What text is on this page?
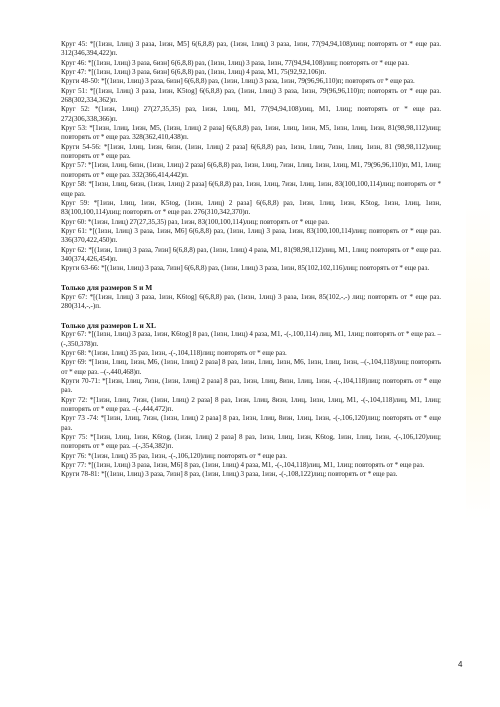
Круг 45: *[(1изн, 1лиц) 3 раза, 1изн, М5] 6(6,8,8) раз, (1изн, 1лиц) 3 раза, 1изн, 77(94,94,108)лиц; повторять от * еще раз. 312(346,394,422)п.

Круг 46: *[(1изн, 1лиц) 3 раза, 6изн] 6(6,8,8) раз, (1изн, 1лиц) 3 раза, 1изн, 77(94,94,108)лиц; повторять от * еще раз.

Круг 47: *[(1изн, 1лиц) 3 раза, 6изн] 6(6,8,8) раз, (1изн, 1лиц) 4 раза, М1, 75(92,92,106)п.

Круги 48-50: *[(1изн, 1лиц) 3 раза, 6изн] 6(6,8,8) раз, (1изн, 1лиц) 3 раза, 1изн, 79(96,96,110)п; повторять от * еще раз.

Круг 51: *[(1изн, 1лиц) 3 раза, 1изн, K5tog] 6(6,8,8) раз, (1изн, 1лиц) 3 раза, 1изн, 79(96,96,110)п; повторять от * еще раз. 268(302,334,362)п.

Круг 52: *(1изн, 1лиц) 27(27,35,35) раз, 1изн, 1лиц, М1, 77(94,94,108)лиц, М1, 1лиц; повторять от * еще раз. 272(306,338,366)п.

Круг 53: *[1изн, 1лиц, 1изн, М5, (1изн, 1лиц) 2 раза] 6(6,8,8) раз, 1изн, 1лиц, 1изн, М5, 1изн, 1лиц, 1изн, 81(98,98,112)лиц; повторять от * еще раз. 328(362,410,438)п.

Круги 54-56: *[1изн, 1лиц, 1изн, 6изн, (1изн, 1лиц) 2 раза] 6(6,8,8) раз, 1изн, 1лиц, 7изн, 1лиц, 1изн, 81 (98,98,112)лиц; повторять от * еще раз.

Круг 57: *[1изн, 1лиц, 6изн, (1изн, 1лиц) 2 раза] 6(6,8,8) раз, 1изн, 1лиц, 7изн, 1лиц, 1изн, 1лиц, М1, 79(96,96,110)п, М1, 1лиц; повторять от * еще раз. 332(366,414,442)п.

Круг 58: *[1изн, 1лиц, 6изн, (1изн, 1лиц) 2 раза] 6(6,8,8) раз, 1изн, 1лиц, 7изн, 1лиц, 1изн, 83(100,100,114)лиц; повторять от * еще раз.

Круг 59: *[1изн, 1лиц, 1изн, K5tog, (1изн, 1лиц) 2 раза] 6(6,8,8) раз, 1изн, 1лиц, 1изн, K5tog, 1изн, 1лиц, 1изн, 83(100,100,114)лиц; повторять от * еще раз. 276(310,342,370)п.

Круг 60: *(1изн, 1лиц) 27(27,35,35) раз, 1изн, 83(100,100,114)лиц; повторять от * еще раз.

Круг 61: *[(1изн, 1лиц) 3 раза, 1изн, М6] 6(6,8,8) раз, (1изн, 1лиц) 3 раза, 1изн, 83(100,100,114)лиц; повторять от * еще раз. 336(370,422,450)п.

Круг 62: *[(1изн, 1лиц) 3 раза, 7изн] 6(6,8,8) раз, (1изн, 1лиц) 4 раза, М1, 81(98,98,112)лиц, М1, 1лиц; повторять от * еще раз. 340(374,426,454)п.

Круги 63-66: *[(1изн, 1лиц) 3 раза, 7изн] 6(6,8,8) раз, (1изн, 1лиц) 3 раза, 1изн, 85(102,102,116)лиц; повторять от * еще раз.

Только для размеров S и M

Круг 67: *[(1изн, 1лиц) 3 раза, 1изн, K6tog] 6(6,8,8) раз, (1изн, 1лиц) 3 раза, 1изн, 85(102,-,-) лиц; повторять от * еще раз. 280(314,-,-)п.

Только для размеров L и XL

Круг 67: *[(1изн, 1лиц) 3 раза, 1изн, K6tog] 8 раз, (1изн, 1лиц) 4 раза, М1, -(-,100,114) лиц, М1, 1лиц; повторять от * еще раз. –(-,350,378)п.

Круг 68: *(1изн, 1лиц) 35 раз, 1изн, -(-,104,118)лиц; повторять от * еще раз.

Круг 69: *[1изн, 1лиц, 1изн, М6, (1изн, 1лиц) 2 раза] 8 раз, 1изн, 1лиц, 1изн, М6, 1изн, 1лиц, 1изн, –(-,104,118)лиц; повторять от * еще раз. –(-,440,468)п.

Круги 70-71: *[1изн, 1лиц, 7изн, (1изн, 1лиц) 2 раза] 8 раз, 1изн, 1лиц, 8изн, 1лиц, 1изн, -(-,104,118)лиц; повторять от * еще раз.

Круг 72: *[1изн, 1лиц, 7изн, (1изн, 1лиц) 2 раза] 8 раз, 1изн, 1лиц, 8изн, 1лиц, 1изн, 1лиц, М1, -(-,104,118)лиц, М1, 1лиц; повторять от * еще раз. –(-,444,472)п.

Круг 73 -74: *[1изн, 1лиц, 7изн, (1изн, 1лиц) 2 раза] 8 раз, 1изн, 1лиц, 8изн, 1лиц, 1изн, -(-,106,120)лиц; повторять от * еще раз.

Круг 75: *[1изн, 1лиц, 1изн, K6tog, (1изн, 1лиц) 2 раза] 8 раз, 1изн, 1лиц, 1изн, K6tog, 1изн, 1лиц, 1изн, -(-,106,120)лиц; повторять от * еще раз. –(-,354,382)п.

Круг 76: *(1изн, 1лиц) 35 раз, 1изн, -(-,106,120)лиц; повторять от * еще раз.

Круг 77: *[(1изн, 1лиц) 3 раза, 1изн, М6] 8 раз, (1изн, 1лиц) 4 раза, М1, -(-,104,118)лиц, М1, 1лиц; повторять от * еще раз.

Круги 78-81: *[(1изн, 1лиц) 3 раза, 7изн] 8 раз, (1изн, 1лиц) 3 раза, 1изн, -(-,108,122)лиц; повторять от * еще раз.

4
